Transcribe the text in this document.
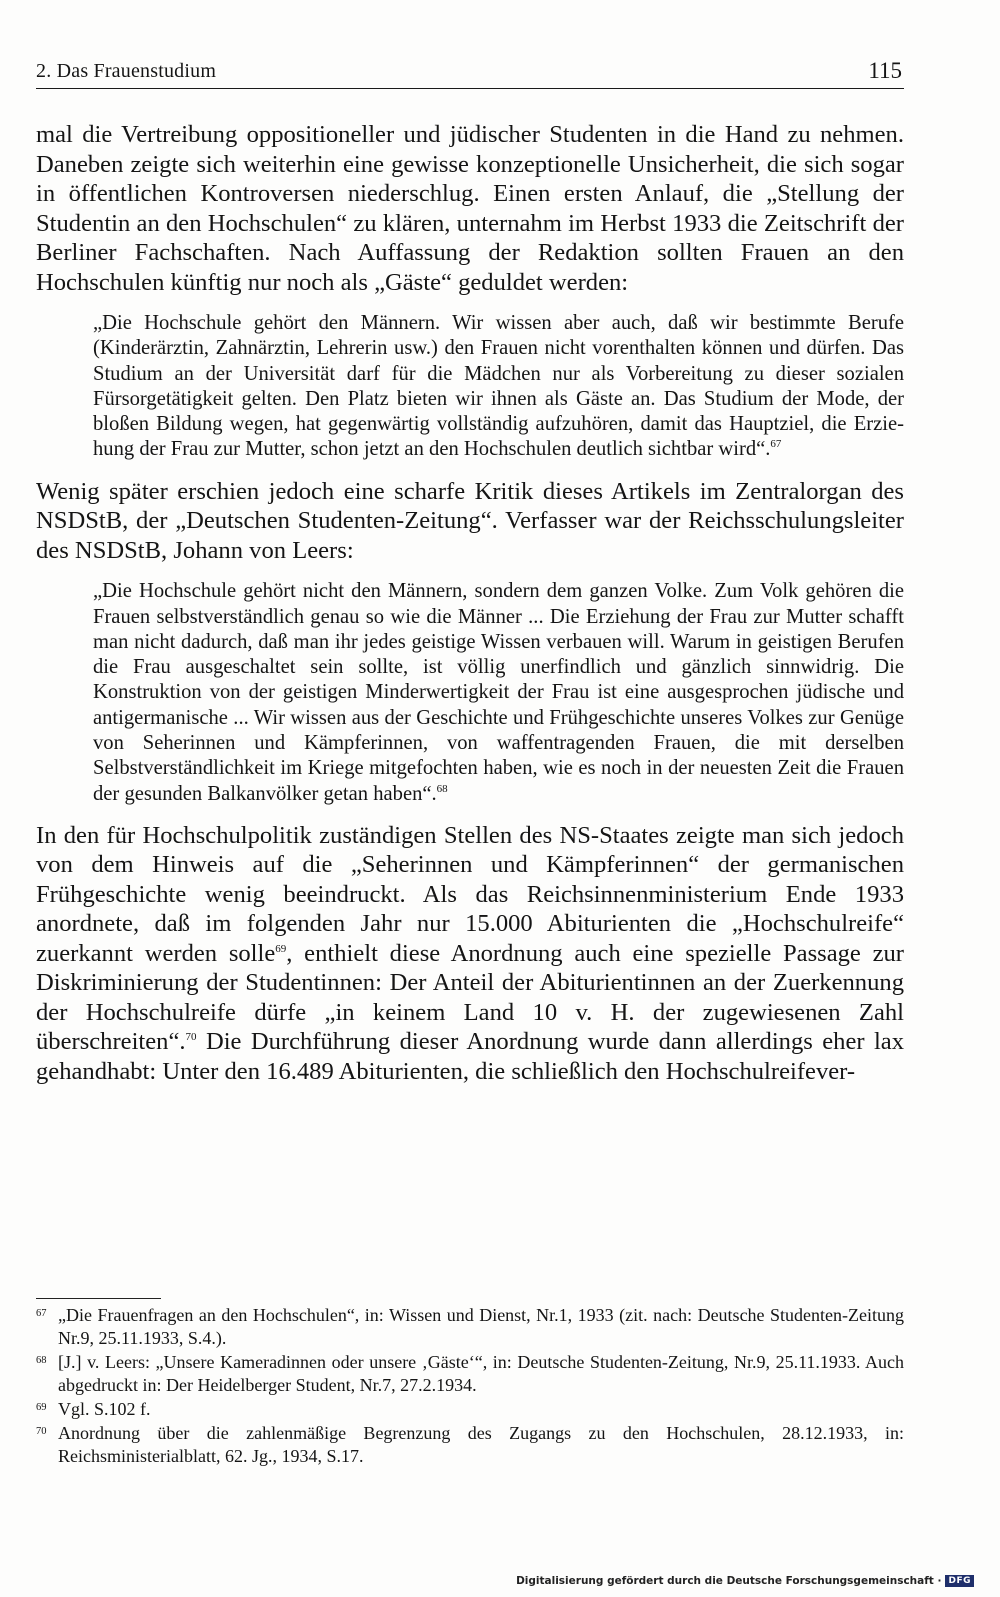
2. Das Frauenstudium	115

mal die Vertreibung oppositioneller und jüdischer Studenten in die Hand zu nehmen. Daneben zeigte sich weiterhin eine gewisse konzeptionelle Unsicherheit, die sich sogar in öffentlichen Kontroversen niederschlug. Einen ersten Anlauf, die „Stellung der Studentin an den Hochschulen“ zu klären, unternahm im Herbst 1933 die Zeitschrift der Berliner Fachschaften. Nach Auffassung der Redaktion sollten Frauen an den Hochschulen künftig nur noch als „Gäste“ geduldet werden:

„Die Hochschule gehört den Männern. Wir wissen aber auch, daß wir bestimmte Berufe (Kinderärztin, Zahnärztin, Lehrerin usw.) den Frauen nicht vorenthalten können und dürfen. Das Studium an der Universität darf für die Mädchen nur als Vorbereitung zu dieser sozialen Fürsorgetätigkeit gelten. Den Platz bieten wir ihnen als Gäste an. Das Studium der Mode, der bloßen Bildung wegen, hat gegenwärtig vollständig aufzuhören, damit das Hauptziel, die Erziehung der Frau zur Mutter, schon jetzt an den Hochschulen deutlich sichtbar wird“.$^{67}$

Wenig später erschien jedoch eine scharfe Kritik dieses Artikels im Zentralorgan des NSDStB, der „Deutschen Studenten-Zeitung“. Verfasser war der Reichsschulungsleiter des NSDStB, Johann von Leers:

„Die Hochschule gehört nicht den Männern, sondern dem ganzen Volke. Zum Volk gehören die Frauen selbstverständlich genau so wie die Männer ... Die Erziehung der Frau zur Mutter schafft man nicht dadurch, daß man ihr jedes geistige Wissen verbauen will. Warum in geistigen Berufen die Frau ausgeschaltet sein sollte, ist völlig unerfindlich und gänzlich sinnwidrig. Die Konstruktion von der geistigen Minderwertigkeit der Frau ist eine ausgesprochen jüdische und antigermanische ... Wir wissen aus der Geschichte und Frühgeschichte unseres Volkes zur Genüge von Seherinnen und Kämpferinnen, von waffentragenden Frauen, die mit derselben Selbstverständlichkeit im Kriege mitgefochten haben, wie es noch in der neuesten Zeit die Frauen der gesunden Balkanvölker getan haben“.$^{68}$

In den für Hochschulpolitik zuständigen Stellen des NS-Staates zeigte man sich jedoch von dem Hinweis auf die „Seherinnen und Kämpferinnen“ der germanischen Frühgeschichte wenig beeindruckt. Als das Reichsinnenministerium Ende 1933 anordnete, daß im folgenden Jahr nur 15.000 Abiturienten die „Hochschulreife“ zuerkannt werden solle$^{69}$, enthielt diese Anordnung auch eine spezielle Passage zur Diskriminierung der Studentinnen: Der Anteil der Abiturientinnen an der Zuerkennung der Hochschulreife dürfe „in keinem Land 10 v. H. der zugewiesenen Zahl überschreiten“.$^{70}$ Die Durchführung dieser Anordnung wurde dann allerdings eher lax gehandhabt: Unter den 16.489 Abiturienten, die schließlich den Hochschulreifever-

67 „Die Frauenfragen an den Hochschulen“, in: Wissen und Dienst, Nr.1, 1933 (zit. nach: Deutsche Studenten-Zeitung Nr.9, 25.11.1933, S.4.).

68 [J.] v. Leers: „Unsere Kameradinnen oder unsere ‚Gäste‘“, in: Deutsche Studenten-Zeitung, Nr.9, 25.11.1933. Auch abgedruckt in: Der Heidelberger Student, Nr.7, 27.2.1934.

69 Vgl. S.102 f.

70 Anordnung über die zahlenmäßige Begrenzung des Zugangs zu den Hochschulen, 28.12.1933, in: Reichsministerialblatt, 62. Jg., 1934, S.17.

Digitalisierung gefördert durch die Deutsche Forschungsgemeinschaft · DFG
